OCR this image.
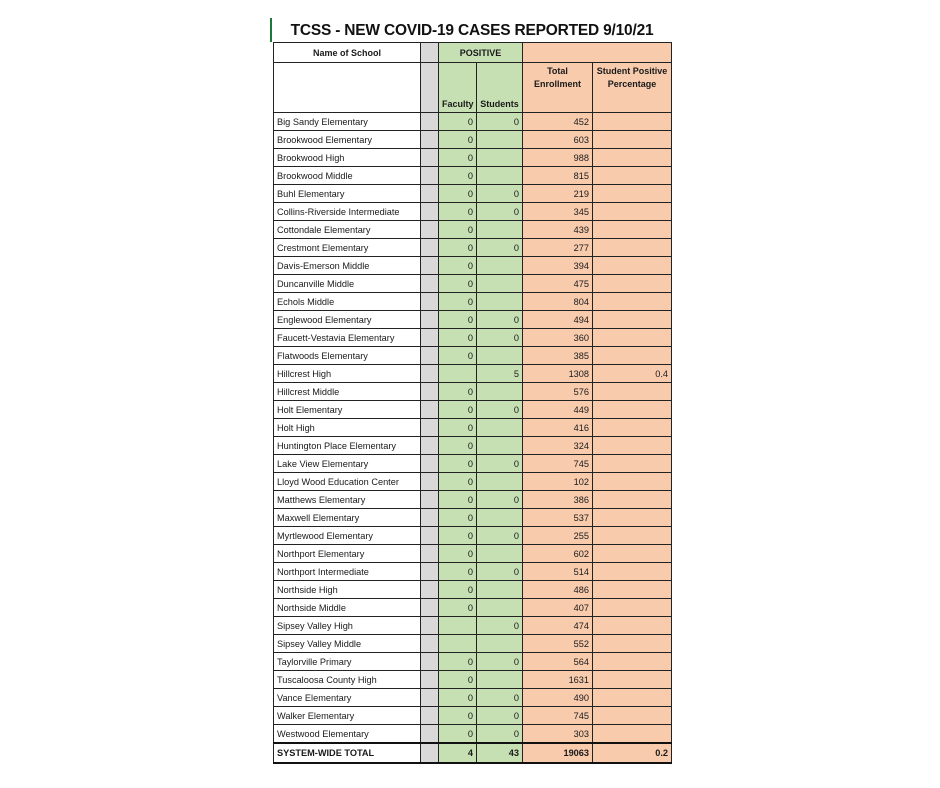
TCSS - NEW COVID-19 CASES REPORTED 9/10/21
Name of School		POSITIVE			
		Faculty	Students	Total Enrollment	Student Positive Percentage
Big Sandy Elementary		0	0	452	
Brookwood Elementary		0		603	
Brookwood High		0		988	
Brookwood Middle		0		815	
Buhl Elementary		0	0	219	
Collins-Riverside Intermediate		0	0	345	
Cottondale Elementary		0		439	
Crestmont Elementary		0	0	277	
Davis-Emerson Middle		0		394	
Duncanville Middle		0		475	
Echols Middle		0		804	
Englewood Elementary		0	0	494	
Faucett-Vestavia Elementary		0	0	360	
Flatwoods Elementary		0		385	
Hillcrest High			5	1308	0.4
Hillcrest Middle		0		576	
Holt Elementary		0	0	449	
Holt High		0		416	
Huntington Place Elementary		0		324	
Lake View Elementary		0	0	745	
Lloyd Wood Education Center		0		102	
Matthews Elementary		0	0	386	
Maxwell Elementary		0		537	
Myrtlewood Elementary		0	0	255	
Northport Elementary		0		602	
Northport Intermediate		0	0	514	
Northside High		0		486	
Northside Middle		0		407	
Sipsey Valley High			0	474	
Sipsey Valley Middle				552	
Taylorville Primary		0	0	564	
Tuscaloosa County High		0		1631	
Vance Elementary		0	0	490	
Walker Elementary		0	0	745	
Westwood Elementary		0	0	303	
SYSTEM-WIDE TOTAL		4	43	19063	0.2
